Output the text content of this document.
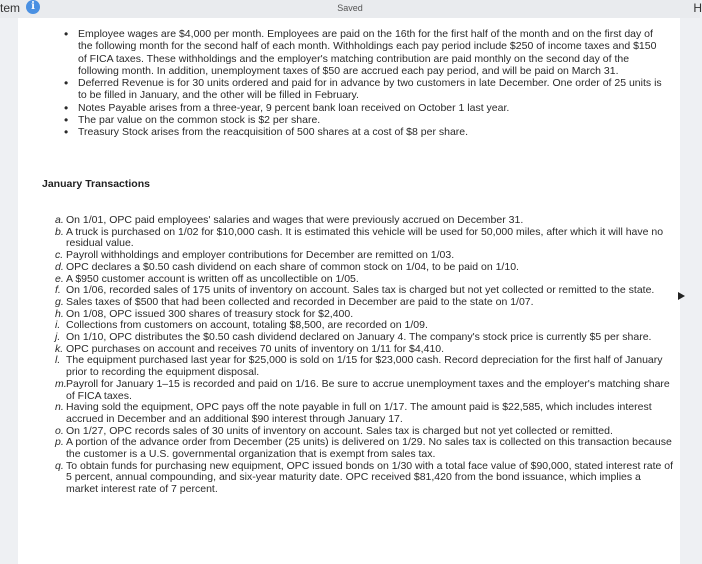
tem	i	Saved	H
• Employee wages are $4,000 per month. Employees are paid on the 16th for the first half of the month and on the first day of the following month for the second half of each month. Withholdings each pay period include $250 of income taxes and $150 of FICA taxes. These withholdings and the employer's matching contribution are paid monthly on the second day of the following month. In addition, unemployment taxes of $50 are accrued each pay period, and will be paid on March 31.
• Deferred Revenue is for 30 units ordered and paid for in advance by two customers in late December. One order of 25 units is to be filled in January, and the other will be filled in February.
• Notes Payable arises from a three-year, 9 percent bank loan received on October 1 last year.
• The par value on the common stock is $2 per share.
• Treasury Stock arises from the reacquisition of 500 shares at a cost of $8 per share.
January Transactions
a. On 1/01, OPC paid employees' salaries and wages that were previously accrued on December 31.
b. A truck is purchased on 1/02 for $10,000 cash. It is estimated this vehicle will be used for 50,000 miles, after which it will have no residual value.
c. Payroll withholdings and employer contributions for December are remitted on 1/03.
d. OPC declares a $0.50 cash dividend on each share of common stock on 1/04, to be paid on 1/10.
e. A $950 customer account is written off as uncollectible on 1/05.
f. On 1/06, recorded sales of 175 units of inventory on account. Sales tax is charged but not yet collected or remitted to the state.
g. Sales taxes of $500 that had been collected and recorded in December are paid to the state on 1/07.
h. On 1/08, OPC issued 300 shares of treasury stock for $2,400.
i. Collections from customers on account, totaling $8,500, are recorded on 1/09.
j. On 1/10, OPC distributes the $0.50 cash dividend declared on January 4. The company's stock price is currently $5 per share.
k. OPC purchases on account and receives 70 units of inventory on 1/11 for $4,410.
l. The equipment purchased last year for $25,000 is sold on 1/15 for $23,000 cash. Record depreciation for the first half of January prior to recording the equipment disposal.
m. Payroll for January 1–15 is recorded and paid on 1/16. Be sure to accrue unemployment taxes and the employer's matching share of FICA taxes.
n. Having sold the equipment, OPC pays off the note payable in full on 1/17. The amount paid is $22,585, which includes interest accrued in December and an additional $90 interest through January 17.
o. On 1/27, OPC records sales of 30 units of inventory on account. Sales tax is charged but not yet collected or remitted.
p. A portion of the advance order from December (25 units) is delivered on 1/29. No sales tax is collected on this transaction because the customer is a U.S. governmental organization that is exempt from sales tax.
q. To obtain funds for purchasing new equipment, OPC issued bonds on 1/30 with a total face value of $90,000, stated interest rate of 5 percent, annual compounding, and six-year maturity date. OPC received $81,420 from the bond issuance, which implies a market interest rate of 7 percent.
